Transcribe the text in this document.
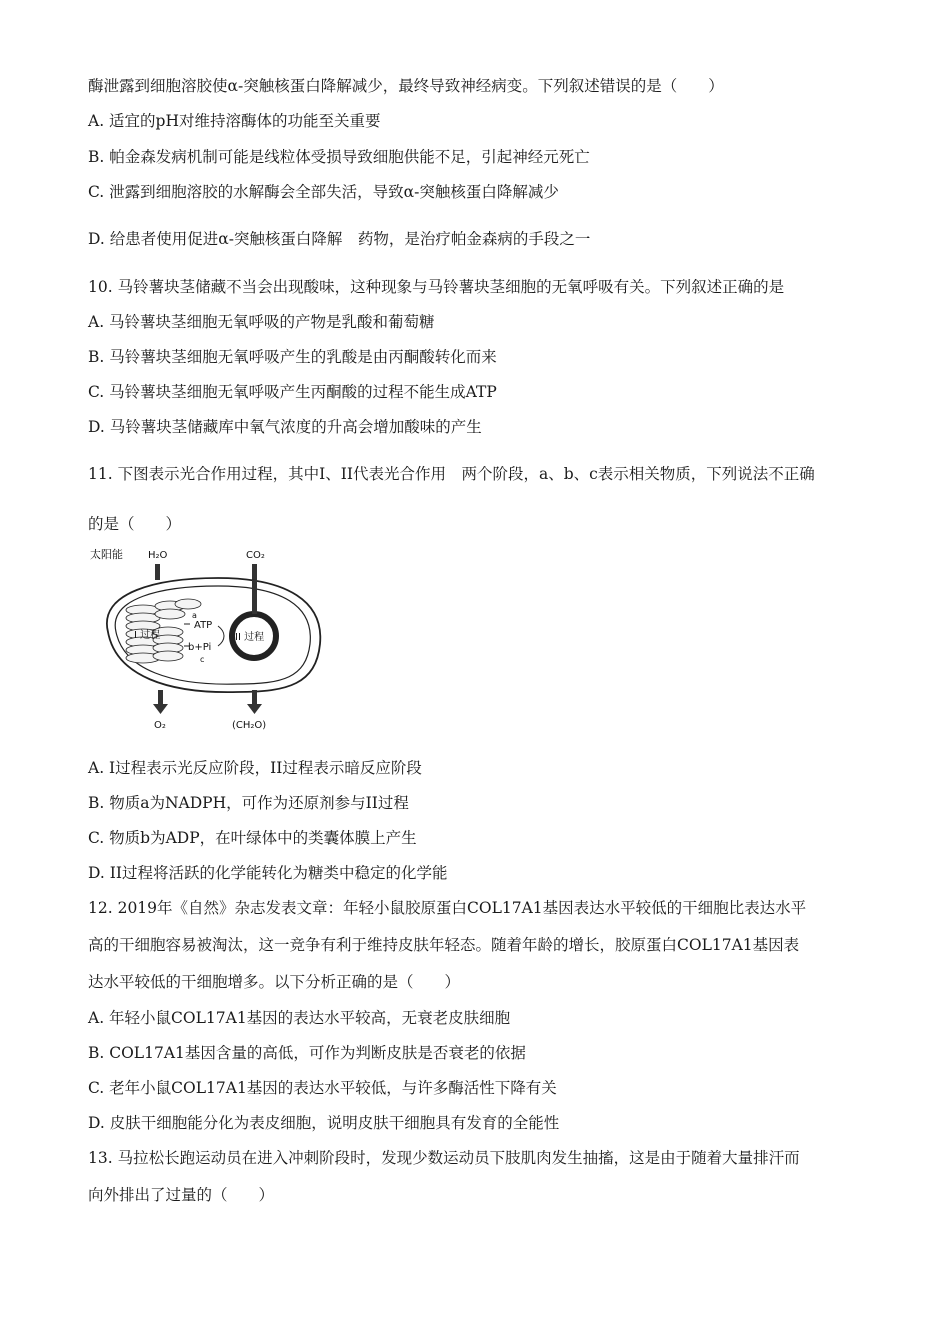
酶泄露到细胞溶胶使α-突触核蛋白降解减少，最终导致神经病变。下列叙述错误的是（　　）
A. 适宜的pH对维持溶酶体的功能至关重要
B. 帕金森发病机制可能是线粒体受损导致细胞供能不足，引起神经元死亡
C. 泄露到细胞溶胶的水解酶会全部失活，导致α-突触核蛋白降解减少
D. 给患者使用促进α-突触核蛋白降解　药物，是治疗帕金森病的手段之一
10. 马铃薯块茎储藏不当会出现酸味，这种现象与马铃薯块茎细胞的无氧呼吸有关。下列叙述正确的是
A. 马铃薯块茎细胞无氧呼吸的产物是乳酸和葡萄糖
B. 马铃薯块茎细胞无氧呼吸产生的乳酸是由丙酮酸转化而来
C. 马铃薯块茎细胞无氧呼吸产生丙酮酸的过程不能生成ATP
D. 马铃薯块茎储藏库中氧气浓度的升高会增加酸味的产生
11. 下图表示光合作用过程，其中I、II代表光合作用　两个阶段，a、b、c表示相关物质，下列说法不正确
的是（　　）
太阳能	H₂O	CO₂
I 过程
ATP
a
b+Pi
c
II 过程
O₂	(CH₂O)
A. I过程表示光反应阶段，II过程表示暗反应阶段
B. 物质a为NADPH，可作为还原剂参与II过程
C. 物质b为ADP，在叶绿体中的类囊体膜上产生
D. II过程将活跃的化学能转化为糖类中稳定的化学能
12. 2019年《自然》杂志发表文章：年轻小鼠胶原蛋白COL17A1基因表达水平较低的干细胞比表达水平
高的干细胞容易被淘汰，这一竞争有利于维持皮肤年轻态。随着年龄的增长，胶原蛋白COL17A1基因表
达水平较低的干细胞增多。以下分析正确的是（　　）
A. 年轻小鼠COL17A1基因的表达水平较高，无衰老皮肤细胞
B. COL17A1基因含量的高低，可作为判断皮肤是否衰老的依据
C. 老年小鼠COL17A1基因的表达水平较低，与许多酶活性下降有关
D. 皮肤干细胞能分化为表皮细胞，说明皮肤干细胞具有发育的全能性
13. 马拉松长跑运动员在进入冲刺阶段时，发现少数运动员下肢肌肉发生抽搐，这是由于随着大量排汗而
向外排出了过量的（　　）
